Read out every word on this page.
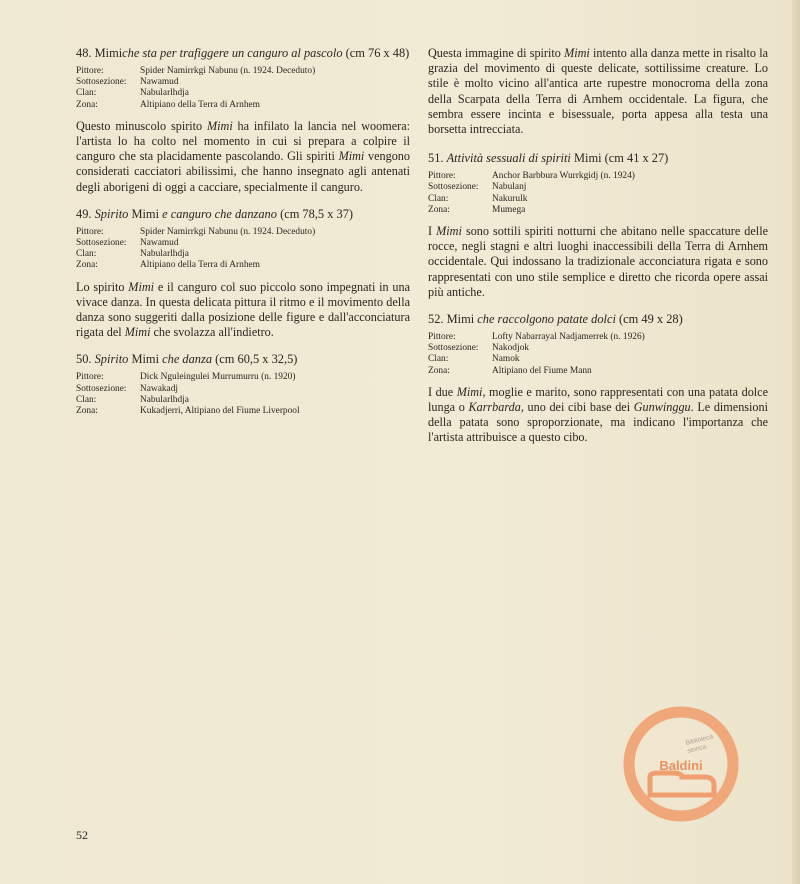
48. Mimiche sta per trafiggere un canguro al pascolo (cm 76 x 48)

Pittore:	Spider Namirrkgi Nabunu (n. 1924. Deceduto)
Sottosezione:	Nawamud
Clan:	Nabularlhdja
Zona:	Altipiano della Terra di Arnhem

Questo minuscolo spirito Mimi ha infilato la lancia nel woomera: l'artista lo ha colto nel momento in cui si prepara a colpire il canguro che sta placidamente pascolando. Gli spiriti Mimi vengono considerati cacciatori abilissimi, che hanno insegnato agli antenati degli aborigeni di oggi a cacciare, specialmente il canguro.

49. Spirito Mimi e canguro che danzano (cm 78,5 x 37)

Pittore:	Spider Namirrkgi Nabunu (n. 1924. Deceduto)
Sottosezione:	Nawamud
Clan:	Nabularlhdja
Zona:	Altipiano della Terra di Arnhem

Lo spirito Mimi e il canguro col suo piccolo sono impegnati in una vivace danza. In questa delicata pittura il ritmo e il movimento della danza sono suggeriti dalla posizione delle figure e dall'acconciatura rigata del Mimi che svolazza all'indietro.

50. Spirito Mimi che danza (cm 60,5 x 32,5)

Pittore:	Dick Nguleingulei Murrumurru (n. 1920)
Sottosezione:	Nawakadj
Clan:	Nabularlhdja
Zona:	Kukadjerri, Altipiano del Fiume Liverpool

Questa immagine di spirito Mimi intento alla danza mette in risalto la grazia del movimento di queste delicate, sottilissime creature. Lo stile è molto vicino all'antica arte rupestre monocroma della zona della Scarpata della Terra di Arnhem occidentale. La figura, che sembra essere incinta e bisessuale, porta appesa alla testa una borsetta intrecciata.

51. Attività sessuali di spiriti Mimi (cm 41 x 27)

Pittore:	Anchor Barbbura Wurrkgidj (n. 1924)
Sottosezione:	Nabulanj
Clan:	Nakurulk
Zona:	Mumega

I Mimi sono sottili spiriti notturni che abitano nelle spaccature delle rocce, negli stagni e altri luoghi inaccessibili della Terra di Arnhem occidentale. Qui indossano la tradizionale acconciatura rigata e sono rappresentati con uno stile semplice e diretto che ricorda opere assai più antiche.

52. Mimi che raccolgono patate dolci (cm 49 x 28)

Pittore:	Lofty Nabarrayal Nadjamerrek (n. 1926)
Sottosezione:	Nakodjok
Clan:	Namok
Zona:	Altipiano del Fiume Mann

I due Mimi, moglie e marito, sono rappresentati con una patata dolce lunga o Karrbarda, uno dei cibi base dei Gunwinggu. Le dimensioni della patata sono sproporzionate, ma indicano l'importanza che l'artista attribuisce a questo cibo.

52
Biblioteca
storica
Baldini
